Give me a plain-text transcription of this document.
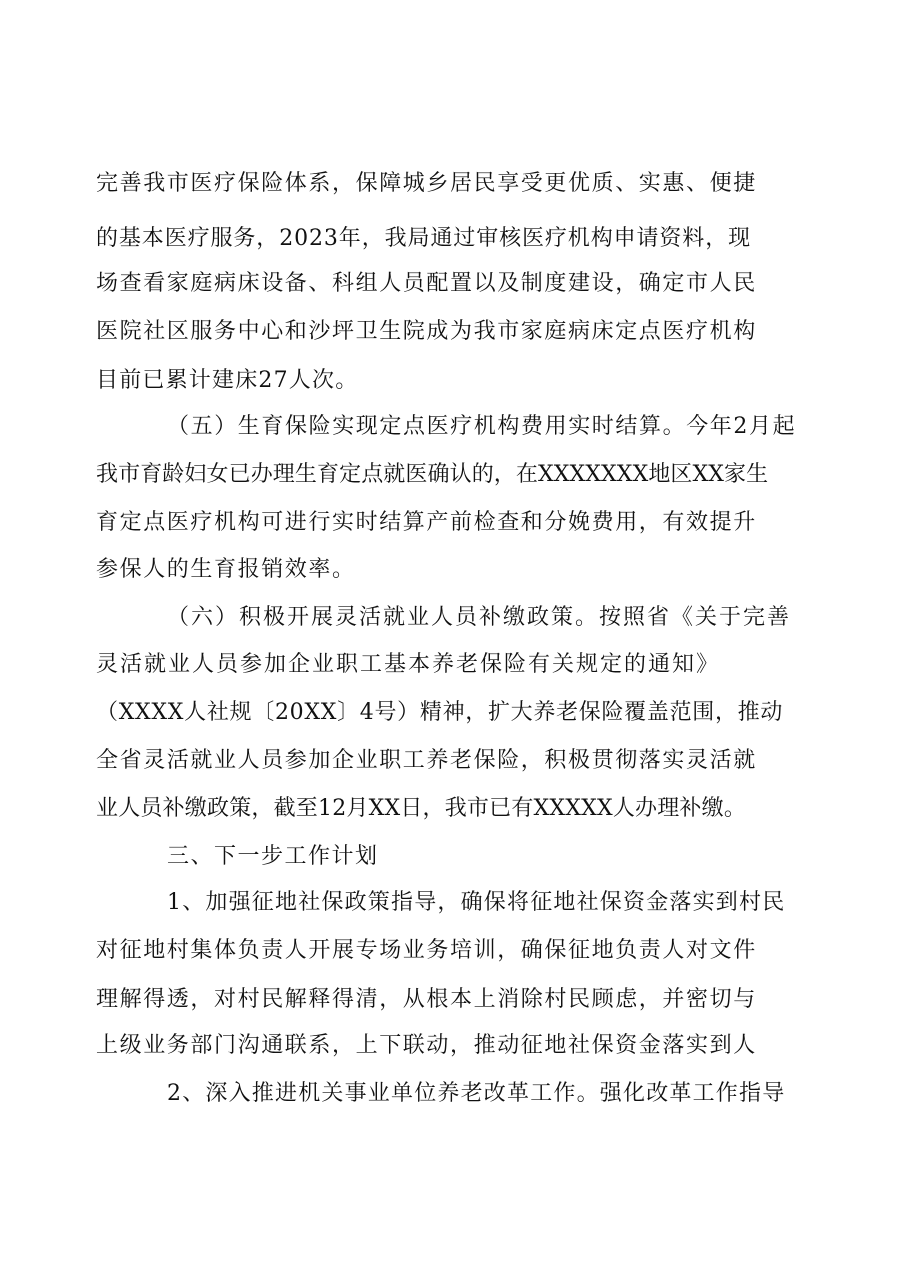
完善我市医疗保险体系，保障城乡居民享受更优质、实惠、便捷
的基本医疗服务，2023年，我局通过审核医疗机构申请资料，现
场查看家庭病床设备、科组人员配置以及制度建设，确定市人民
医院社区服务中心和沙坪卫生院成为我市家庭病床定点医疗机构
目前已累计建床27人次。
（五）生育保险实现定点医疗机构费用实时结算。今年2月起
我市育龄妇女已办理生育定点就医确认的，在XXXXXXX地区XX家生
育定点医疗机构可进行实时结算产前检查和分娩费用，有效提升
参保人的生育报销效率。
（六）积极开展灵活就业人员补缴政策。按照省《关于完善
灵活就业人员参加企业职工基本养老保险有关规定的通知》
（XXXX人社规〔20XX〕4号）精神，扩大养老保险覆盖范围，推动
全省灵活就业人员参加企业职工养老保险，积极贯彻落实灵活就
业人员补缴政策，截至12月XX日，我市已有XXXXX人办理补缴。
三、下一步工作计划
1、加强征地社保政策指导，确保将征地社保资金落实到村民
对征地村集体负责人开展专场业务培训，确保征地负责人对文件
理解得透，对村民解释得清，从根本上消除村民顾虑，并密切与
上级业务部门沟通联系，上下联动，推动征地社保资金落实到人
2、深入推进机关事业单位养老改革工作。强化改革工作指导
